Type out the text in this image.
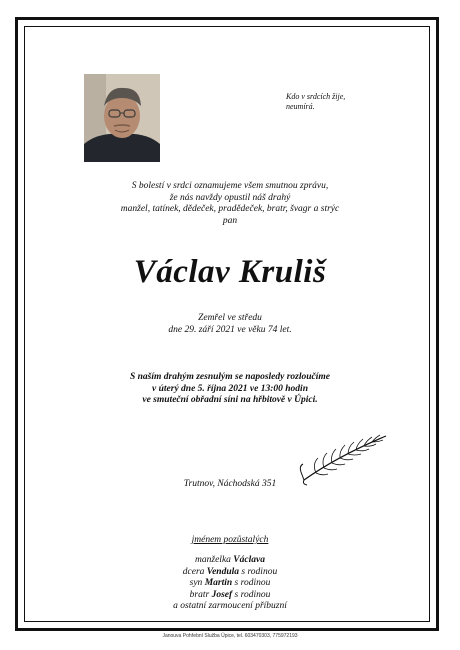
Kdo v srdcích žije,
neumírá.
S bolestí v srdci oznamujeme všem smutnou zprávu,
že nás navždy opustil náš drahý
manžel, tatínek, dědeček, pradědeček, bratr, švagr a strýc
pan
Václav Kruliš
Zemřel ve středu
dne 29. září 2021 ve věku 74 let.
S naším drahým zesnulým se naposledy rozloučíme
v úterý dne 5. října 2021 ve 13:00 hodin
ve smuteční obřadní síni na hřbitově v Úpici.
Trutnov, Náchodská 351
jménem pozůstalých
manželka Václava
dcera Vendula s rodinou
syn Martin s rodinou
bratr Josef s rodinou
a ostatní zarmoucení příbuzní
Janouva Pohřební Služba Úpice, tel. 603470303, 775972193
